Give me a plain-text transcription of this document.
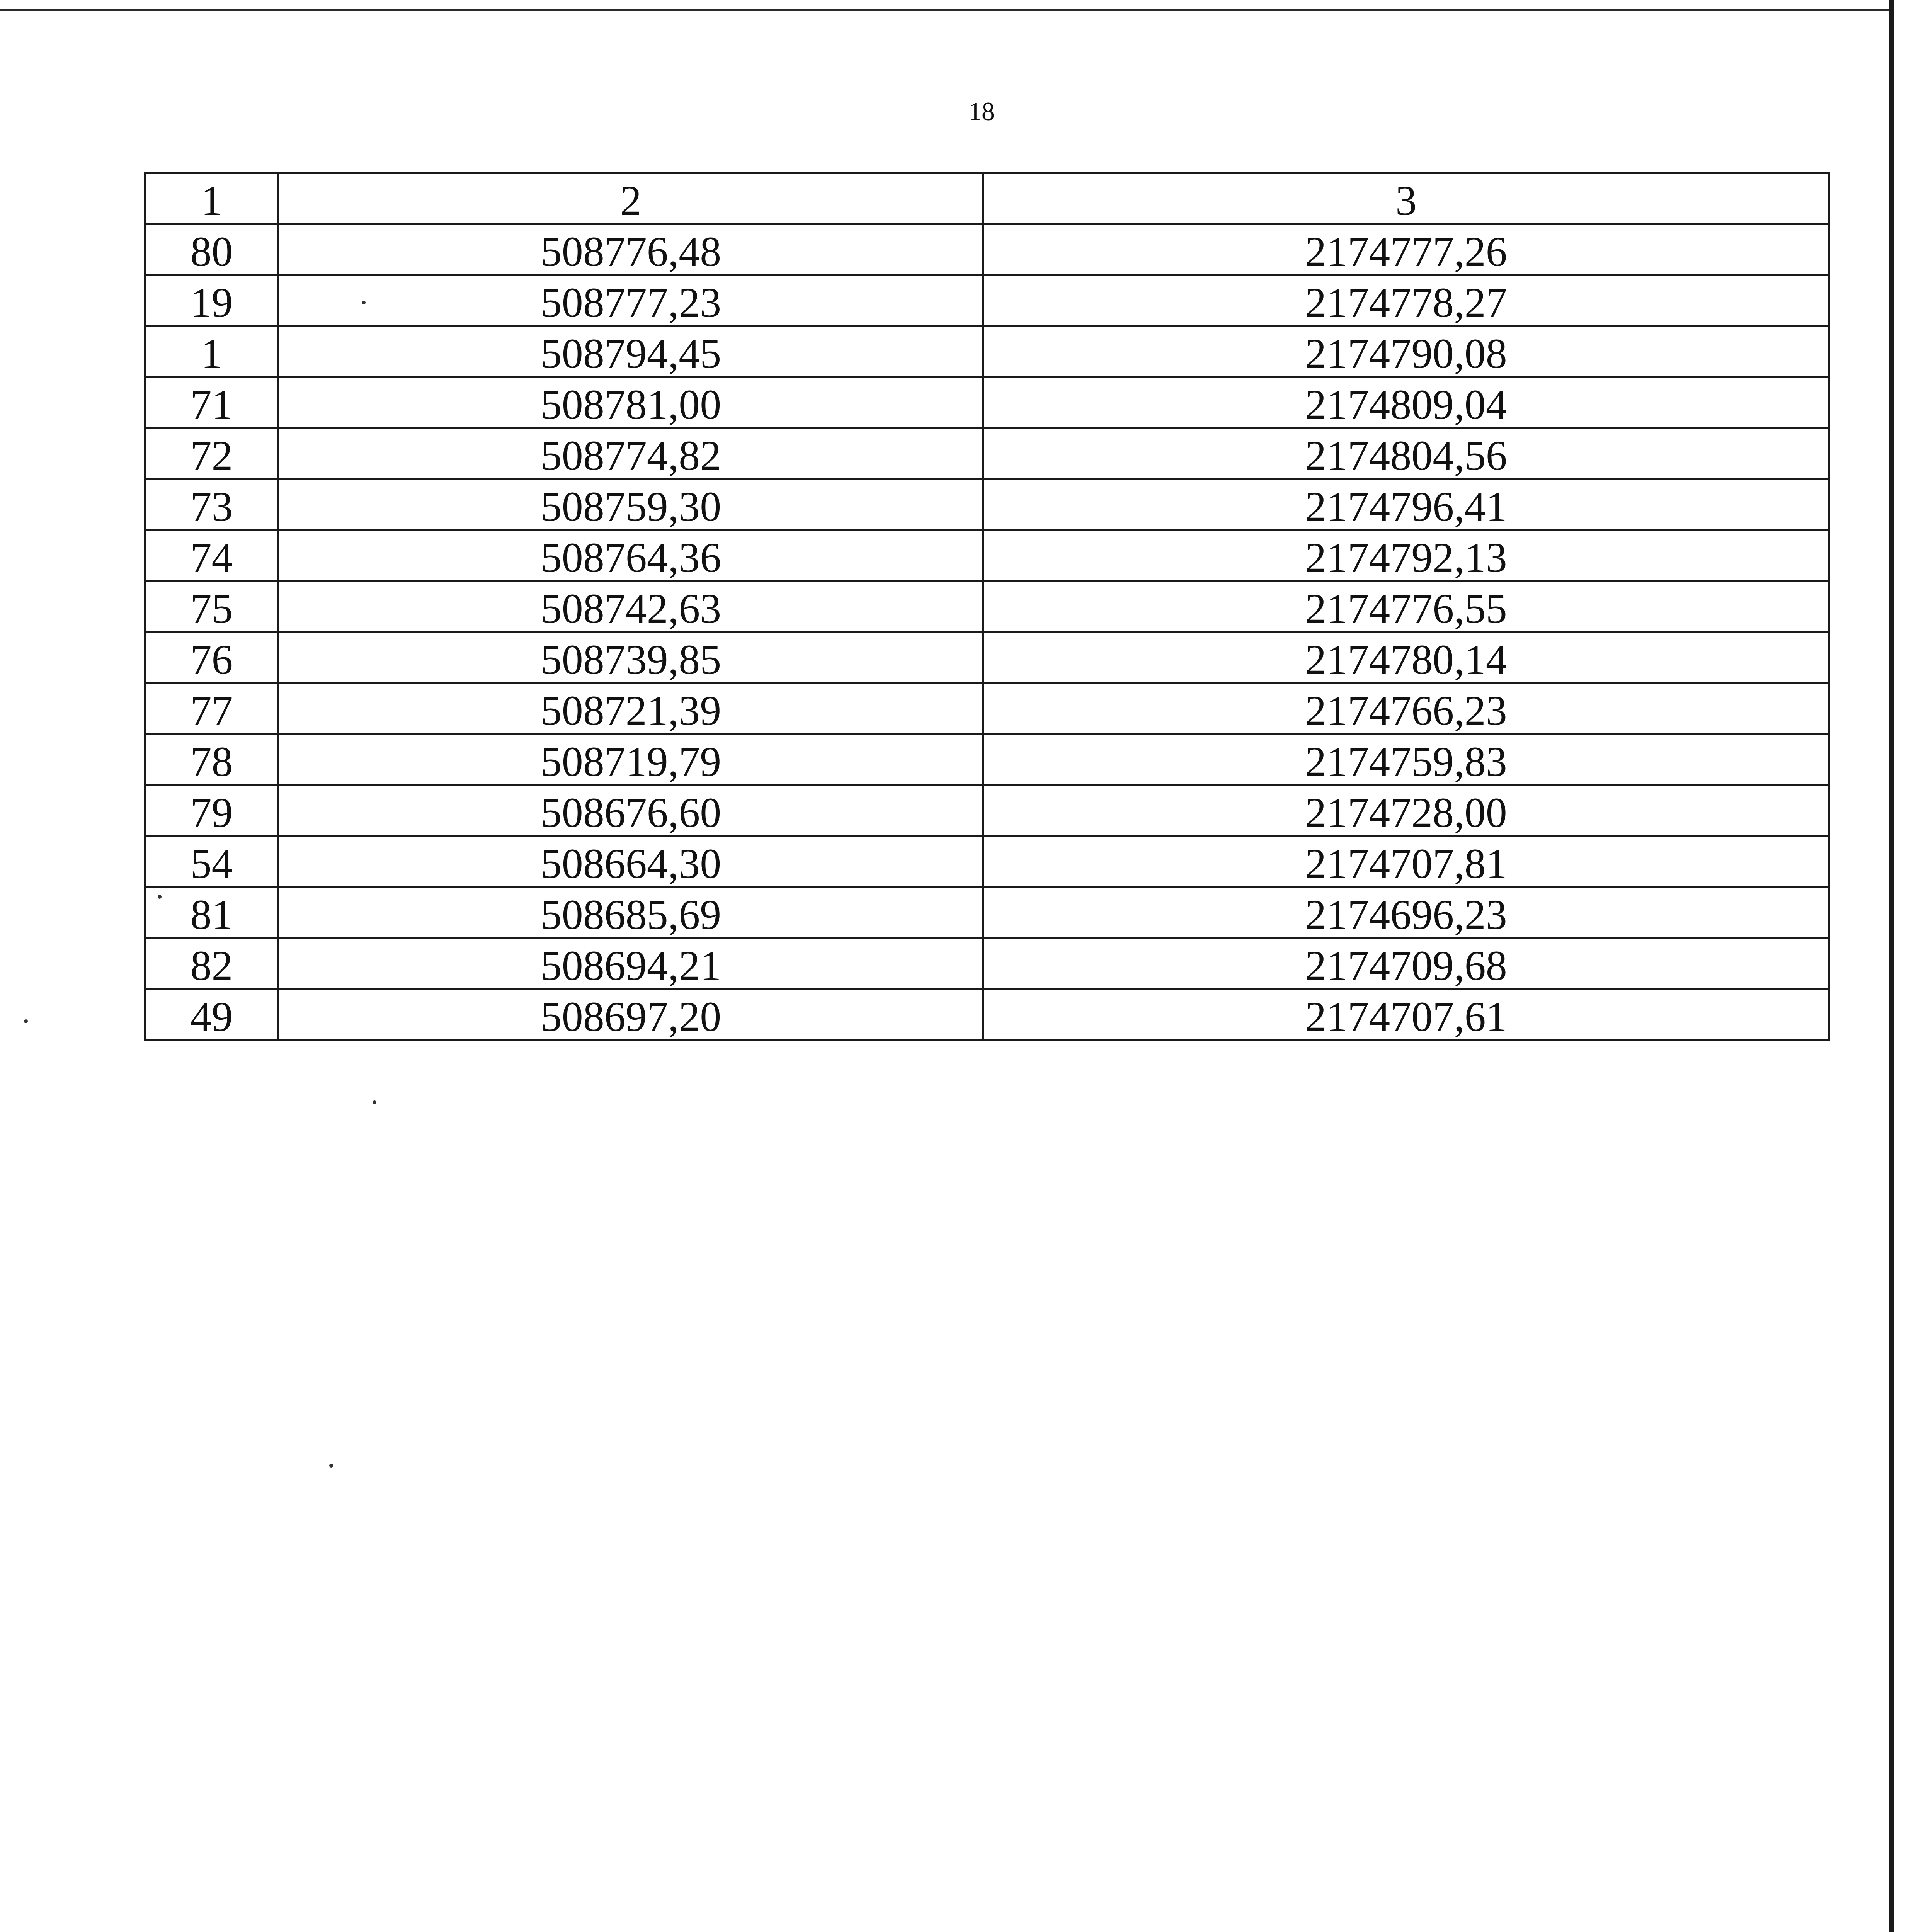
18
1	2	3
80	508776,48	2174777,26
19	508777,23	2174778,27
1	508794,45	2174790,08
71	508781,00	2174809,04
72	508774,82	2174804,56
73	508759,30	2174796,41
74	508764,36	2174792,13
75	508742,63	2174776,55
76	508739,85	2174780,14
77	508721,39	2174766,23
78	508719,79	2174759,83
79	508676,60	2174728,00
54	508664,30	2174707,81
81	508685,69	2174696,23
82	508694,21	2174709,68
49	508697,20	2174707,61
